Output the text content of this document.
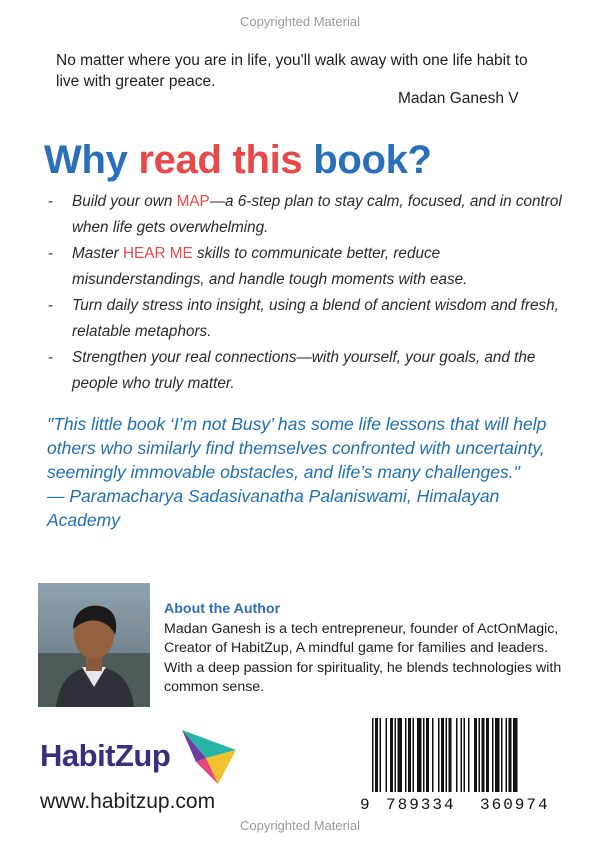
Copyrighted Material
No matter where you are in life, you'll walk away with one life habit to live with greater peace.
Madan Ganesh V
Why read this book?
- Build your own MAP—a 6-step plan to stay calm, focused, and in control when life gets overwhelming.
- Master HEAR ME skills to communicate better, reduce misunderstandings, and handle tough moments with ease.
- Turn daily stress into insight, using a blend of ancient wisdom and fresh, relatable metaphors.
- Strengthen your real connections—with yourself, your goals, and the people who truly matter.
"This little book ‘I’m not Busy’ has some life lessons that will help others who similarly find themselves confronted with uncertainty, seemingly immovable obstacles, and life’s many challenges."
— Paramacharya Sadasivanatha Palaniswami, Himalayan Academy
About the Author
Madan Ganesh is a tech entrepreneur, founder of ActOnMagic, Creator of HabitZup, A mindful game for families and leaders. With a deep passion for spirituality, he blends technologies with common sense.
HabitZup
www.habitzup.com	9 789334 360974
Copyrighted Material
